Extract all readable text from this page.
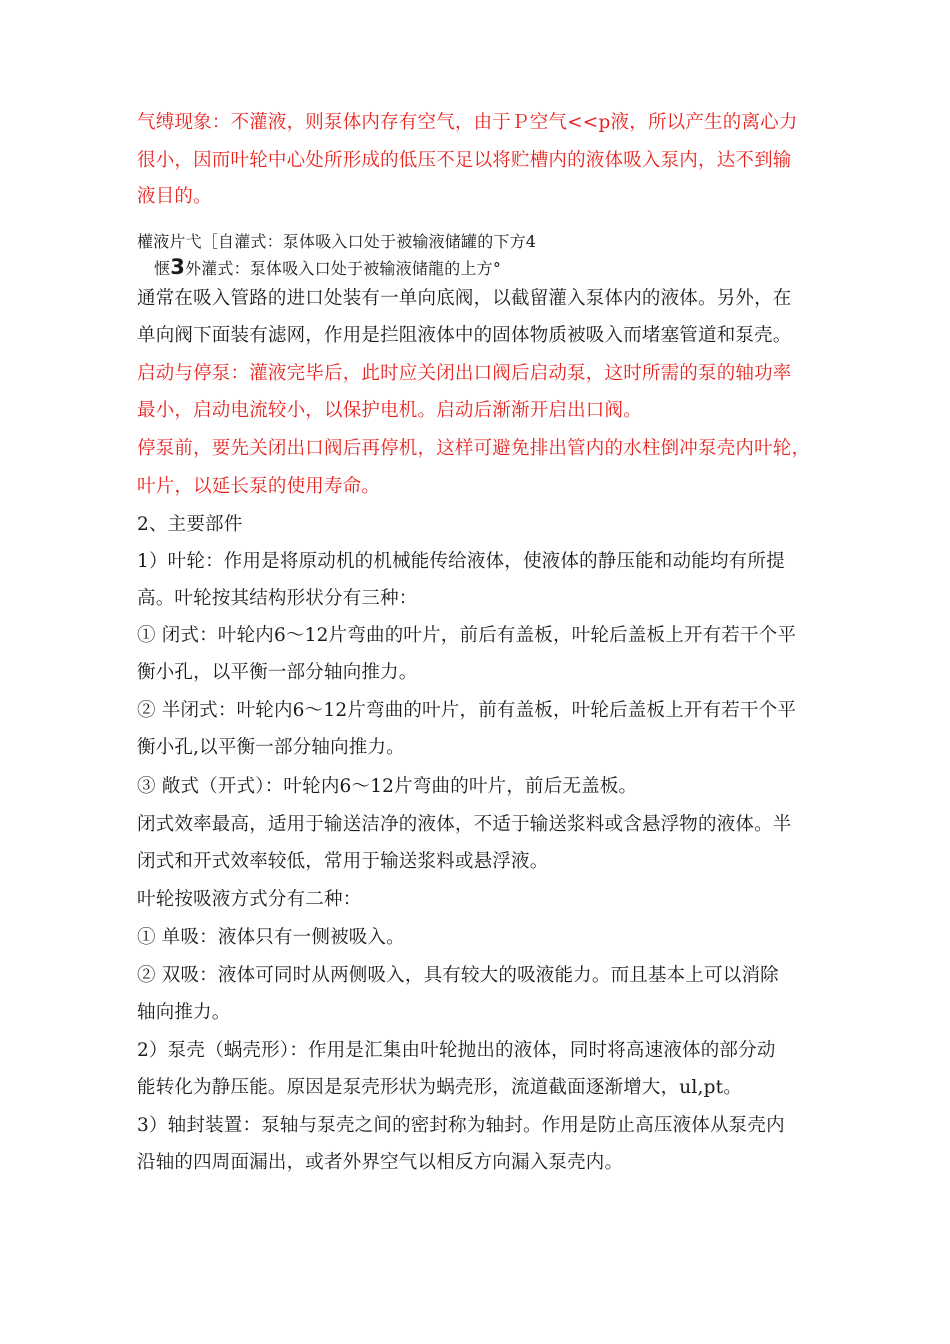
气缚现象：不灌液，则泵体内存有空气，由于Ｐ空气<<p液，所以产生的离心力
很小，因而叶轮中心处所形成的低压不足以将贮槽内的液体吸入泵内，达不到输
液目的。
權液片弋［自灌式：泵体吸入口处于被输液储罐的下方4
惬3外灌式：泵体吸入口处于被输液储龍的上方°
通常在吸入管路的进口处装有一单向底阀，以截留灌入泵体内的液体。另外，在
单向阀下面装有滤网，作用是拦阻液体中的固体物质被吸入而堵塞管道和泵壳。
启动与停泵：灌液完毕后，此时应关闭出口阀后启动泵，这时所需的泵的轴功率
最小，启动电流较小，以保护电机。启动后渐渐开启出口阀。
停泵前，要先关闭出口阀后再停机，这样可避免排出管内的水柱倒冲泵壳内叶轮，
叶片，以延长泵的使用寿命。
2、主要部件
1）叶轮：作用是将原动机的机械能传给液体，使液体的静压能和动能均有所提
高。叶轮按其结构形状分有三种：
① 闭式：叶轮内6〜12片弯曲的叶片，前后有盖板，叶轮后盖板上开有若干个平
衡小孔，以平衡一部分轴向推力。
② 半闭式：叶轮内6〜12片弯曲的叶片，前有盖板，叶轮后盖板上开有若干个平
衡小孔,以平衡一部分轴向推力。
③ 敞式（开式）：叶轮内6〜12片弯曲的叶片，前后无盖板。
闭式效率最高，适用于输送洁净的液体，不适于输送浆料或含悬浮物的液体。半
闭式和开式效率较低，常用于输送浆料或悬浮液。
叶轮按吸液方式分有二种：
① 单吸：液体只有一侧被吸入。
② 双吸：液体可同时从两侧吸入，具有较大的吸液能力。而且基本上可以消除
轴向推力。
2）泵壳（蜗壳形）：作用是汇集由叶轮抛出的液体，同时将高速液体的部分动
能转化为静压能。原因是泵壳形状为蜗壳形，流道截面逐渐增大，ul,pt。
3）轴封装置：泵轴与泵壳之间的密封称为轴封。作用是防止高压液体从泵壳内
沿轴的四周面漏出，或者外界空气以相反方向漏入泵壳内。
